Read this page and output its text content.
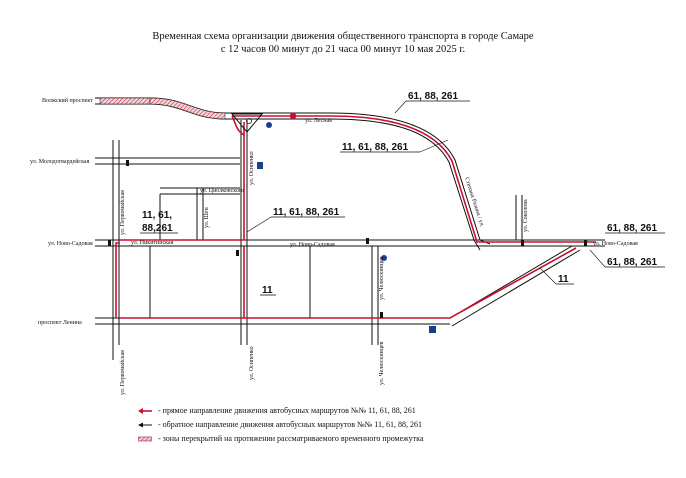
Временная схема организации движения общественного транспорта в городе Самаре
с 12 часов 00 минут до 21 часа 00 минут 10 мая 2025 г.
Волжский проспект
ул. Молодогвардейская
ул. Ново-Садовая
проспект Ленина
ул. Ново-Садовая
ул. Циолковского
ул. Лесная
ул. Ново-Садовая
ул. Никитинская
ул. Первомайская
ул. Первомайская
ул. Осипенко
ул. Осипенко
ул. Челюскинцев
ул. Челюскинцев
ул. Соколова
Степана Разина / ул.
ул. Шен
61, 88, 261
11, 61, 88, 261
11, 61, 88, 261
11, 61,
88,261	61, 88, 261
61, 88, 261
11
11
- прямое направление движения автобусных маршрутов №№ 11, 61, 88, 261
- обратное направление движения автобусных маршрутов №№ 11, 61, 88, 261
- зоны перекрытий на протяжении рассматриваемого временного промежутка
